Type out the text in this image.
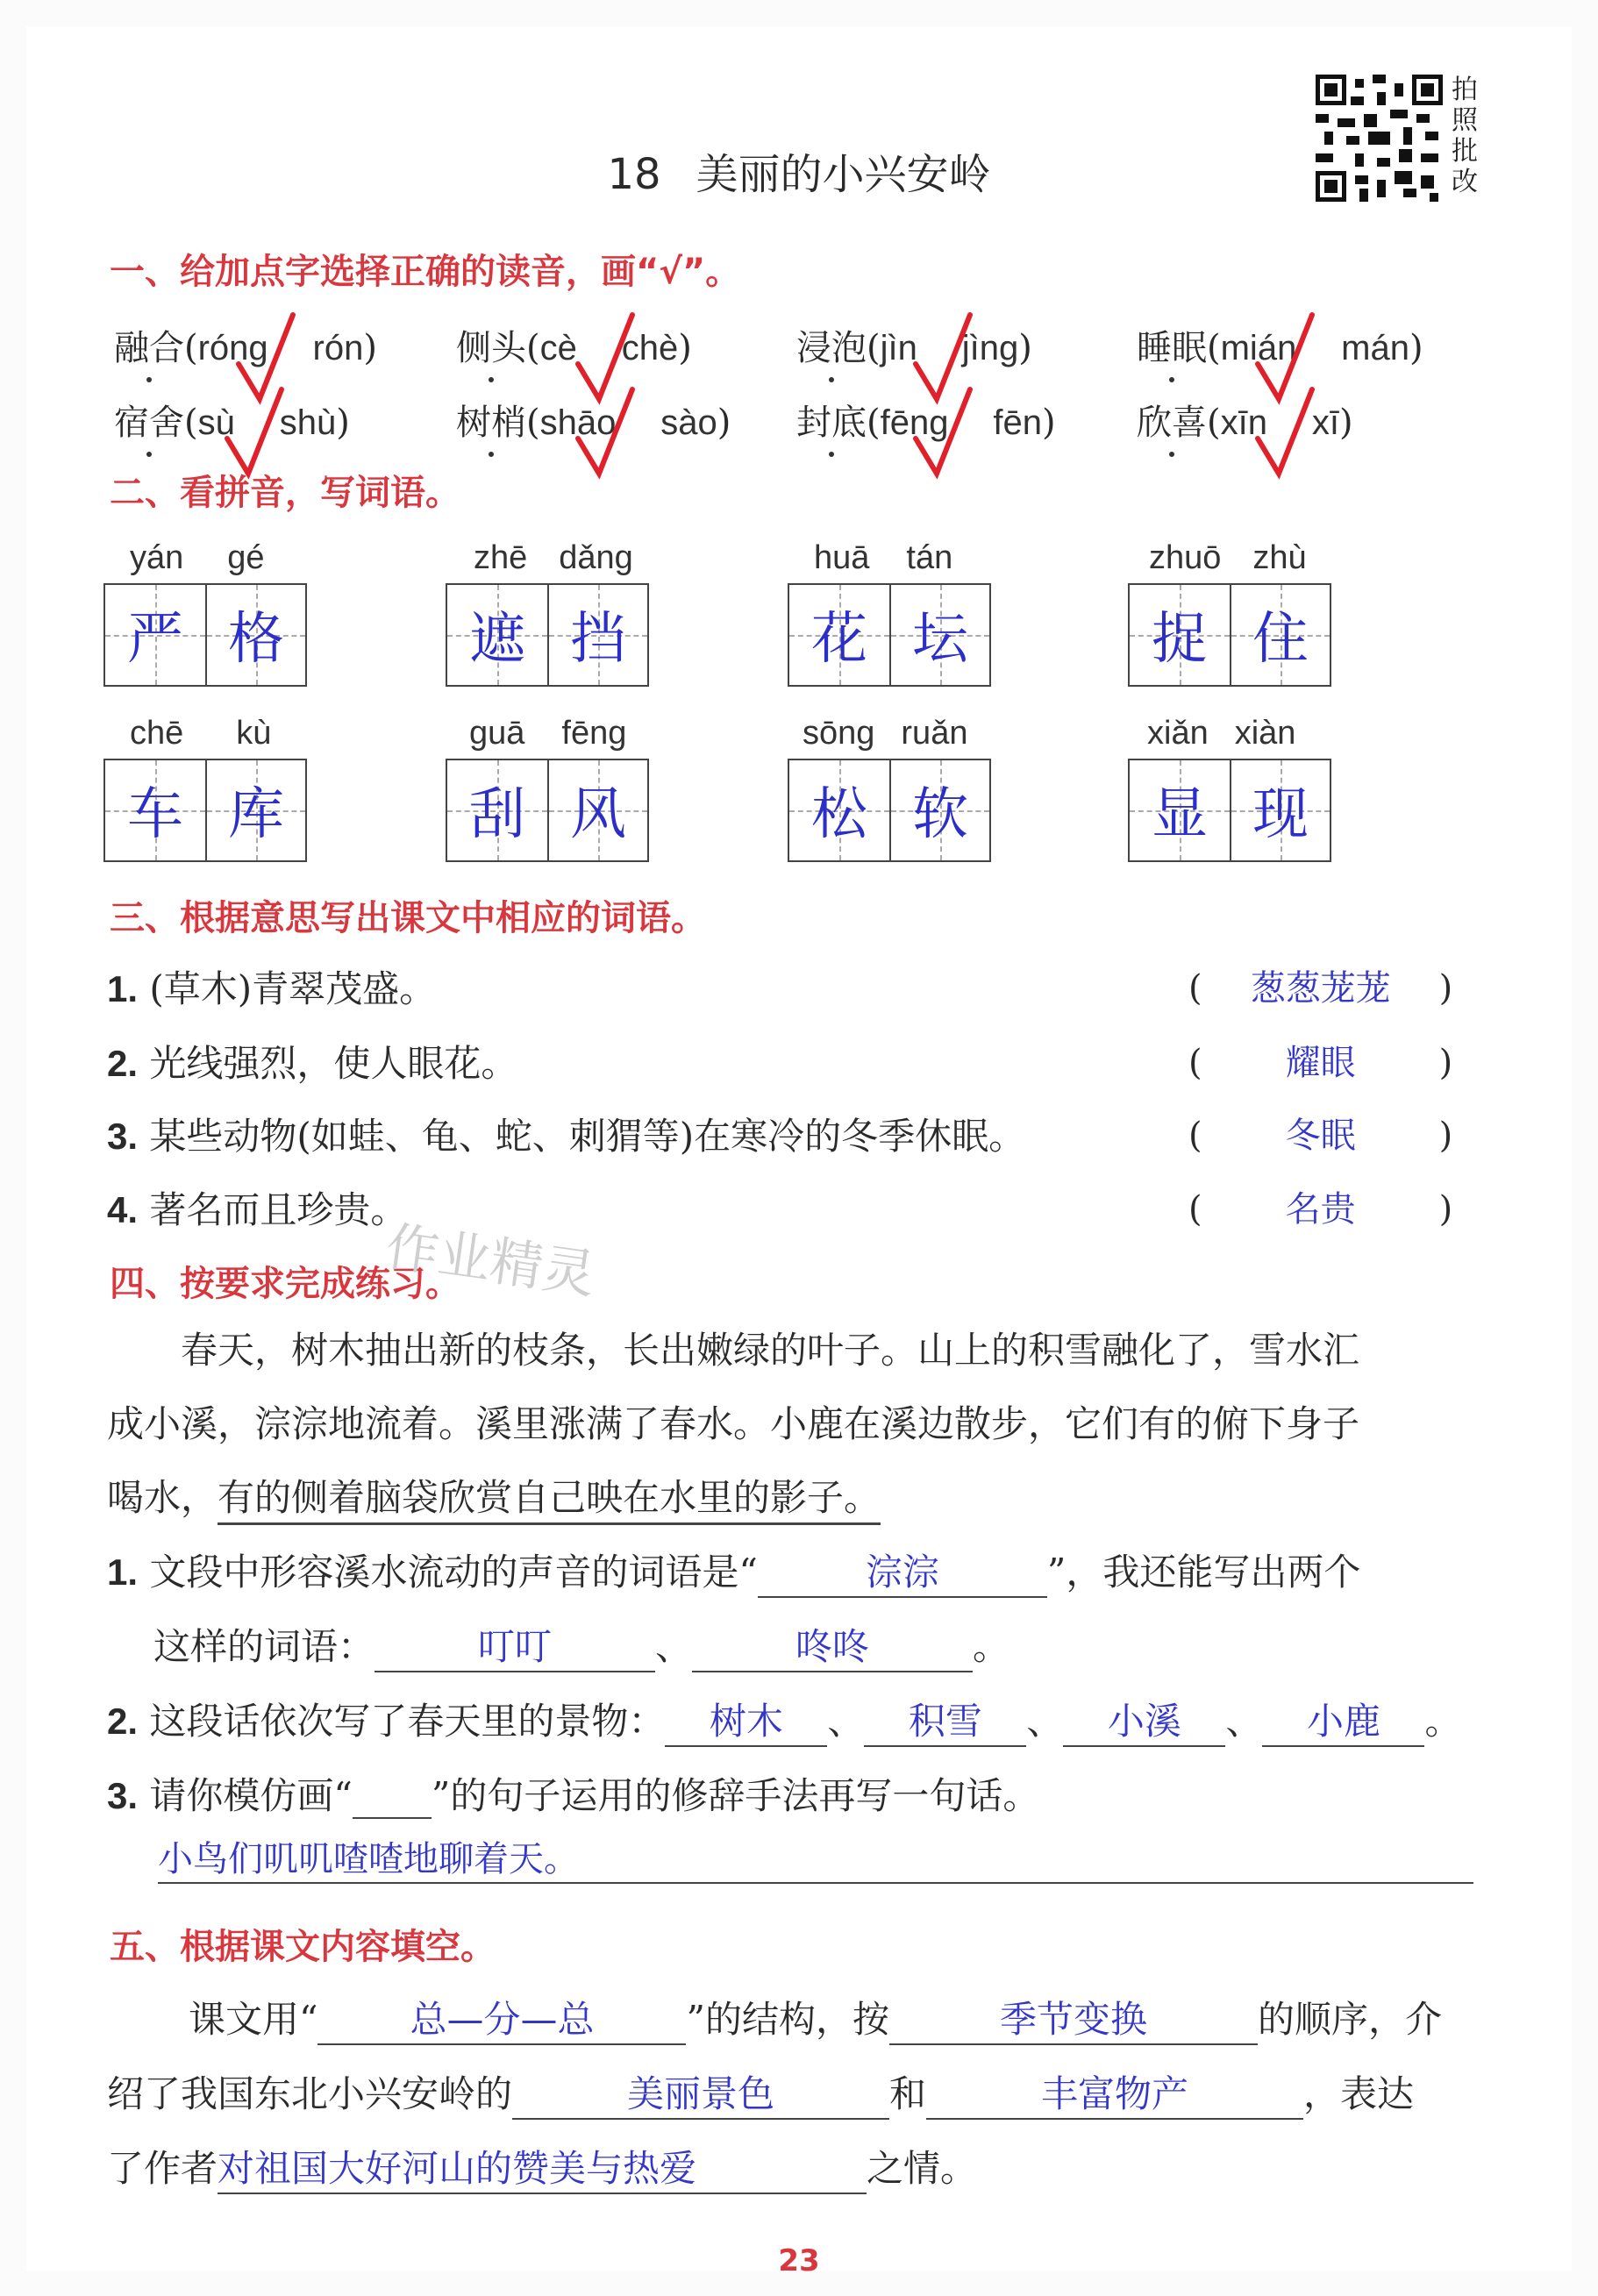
18 美丽的小兴安岭
拍
照
批
改
一、给加点字选择正确的读音，画“√”。
融合(róng rón) 侧头(cè chè)	浸泡(jìn jìng)	睡眠(mián mán)
宿舍(sù shù)	树梢(shāo sào) 封底(fēng fēn) 欣喜(xīn xī)
二、看拼音，写词语。
yán gé	zhē dǎng	huā tán	zhuō zhù
严 格	遮 挡	花 坛	捉 住
chē kù	guā fēng	sōng ruǎn	xiǎn xiàn
车 库	刮 风	松 软	显 现
三、根据意思写出课文中相应的词语。
1. (草木)青翠茂盛。	( 葱葱茏茏 )
2. 光线强烈，使人眼花。	( 耀眼 )
3. 某些动物(如蛙、龟、蛇、刺猬等)在寒冷的冬季休眠。	( 冬眠 )
4. 著名而且珍贵。	( 名贵 )
四、按要求完成练习。
作业精灵
春天，树木抽出新的枝条，长出嫩绿的叶子。山上的积雪融化了，雪水汇
成小溪，淙淙地流着。溪里涨满了春水。小鹿在溪边散步，它们有的俯下身子
喝水，有的侧着脑袋欣赏自己映在水里的影子。
1. 文段中形容溪水流动的声音的词语是“	淙淙	”，我还能写出两个
这样的词语：	叮叮	、	咚咚	。
2. 这段话依次写了春天里的景物： 树木 、 积雪 、 小溪 、 小鹿 。
3. 请你模仿画“ ”的句子运用的修辞手法再写一句话。
小鸟们叽叽喳喳地聊着天。
五、根据课文内容填空。
课文用“ 总—分—总	”的结构，按	季节变换	的顺序，介
绍了我国东北小兴安岭的	美丽景色	和	丰富物产	，表达
了作者对祖国大好河山的赞美与热爱	之情。
23
